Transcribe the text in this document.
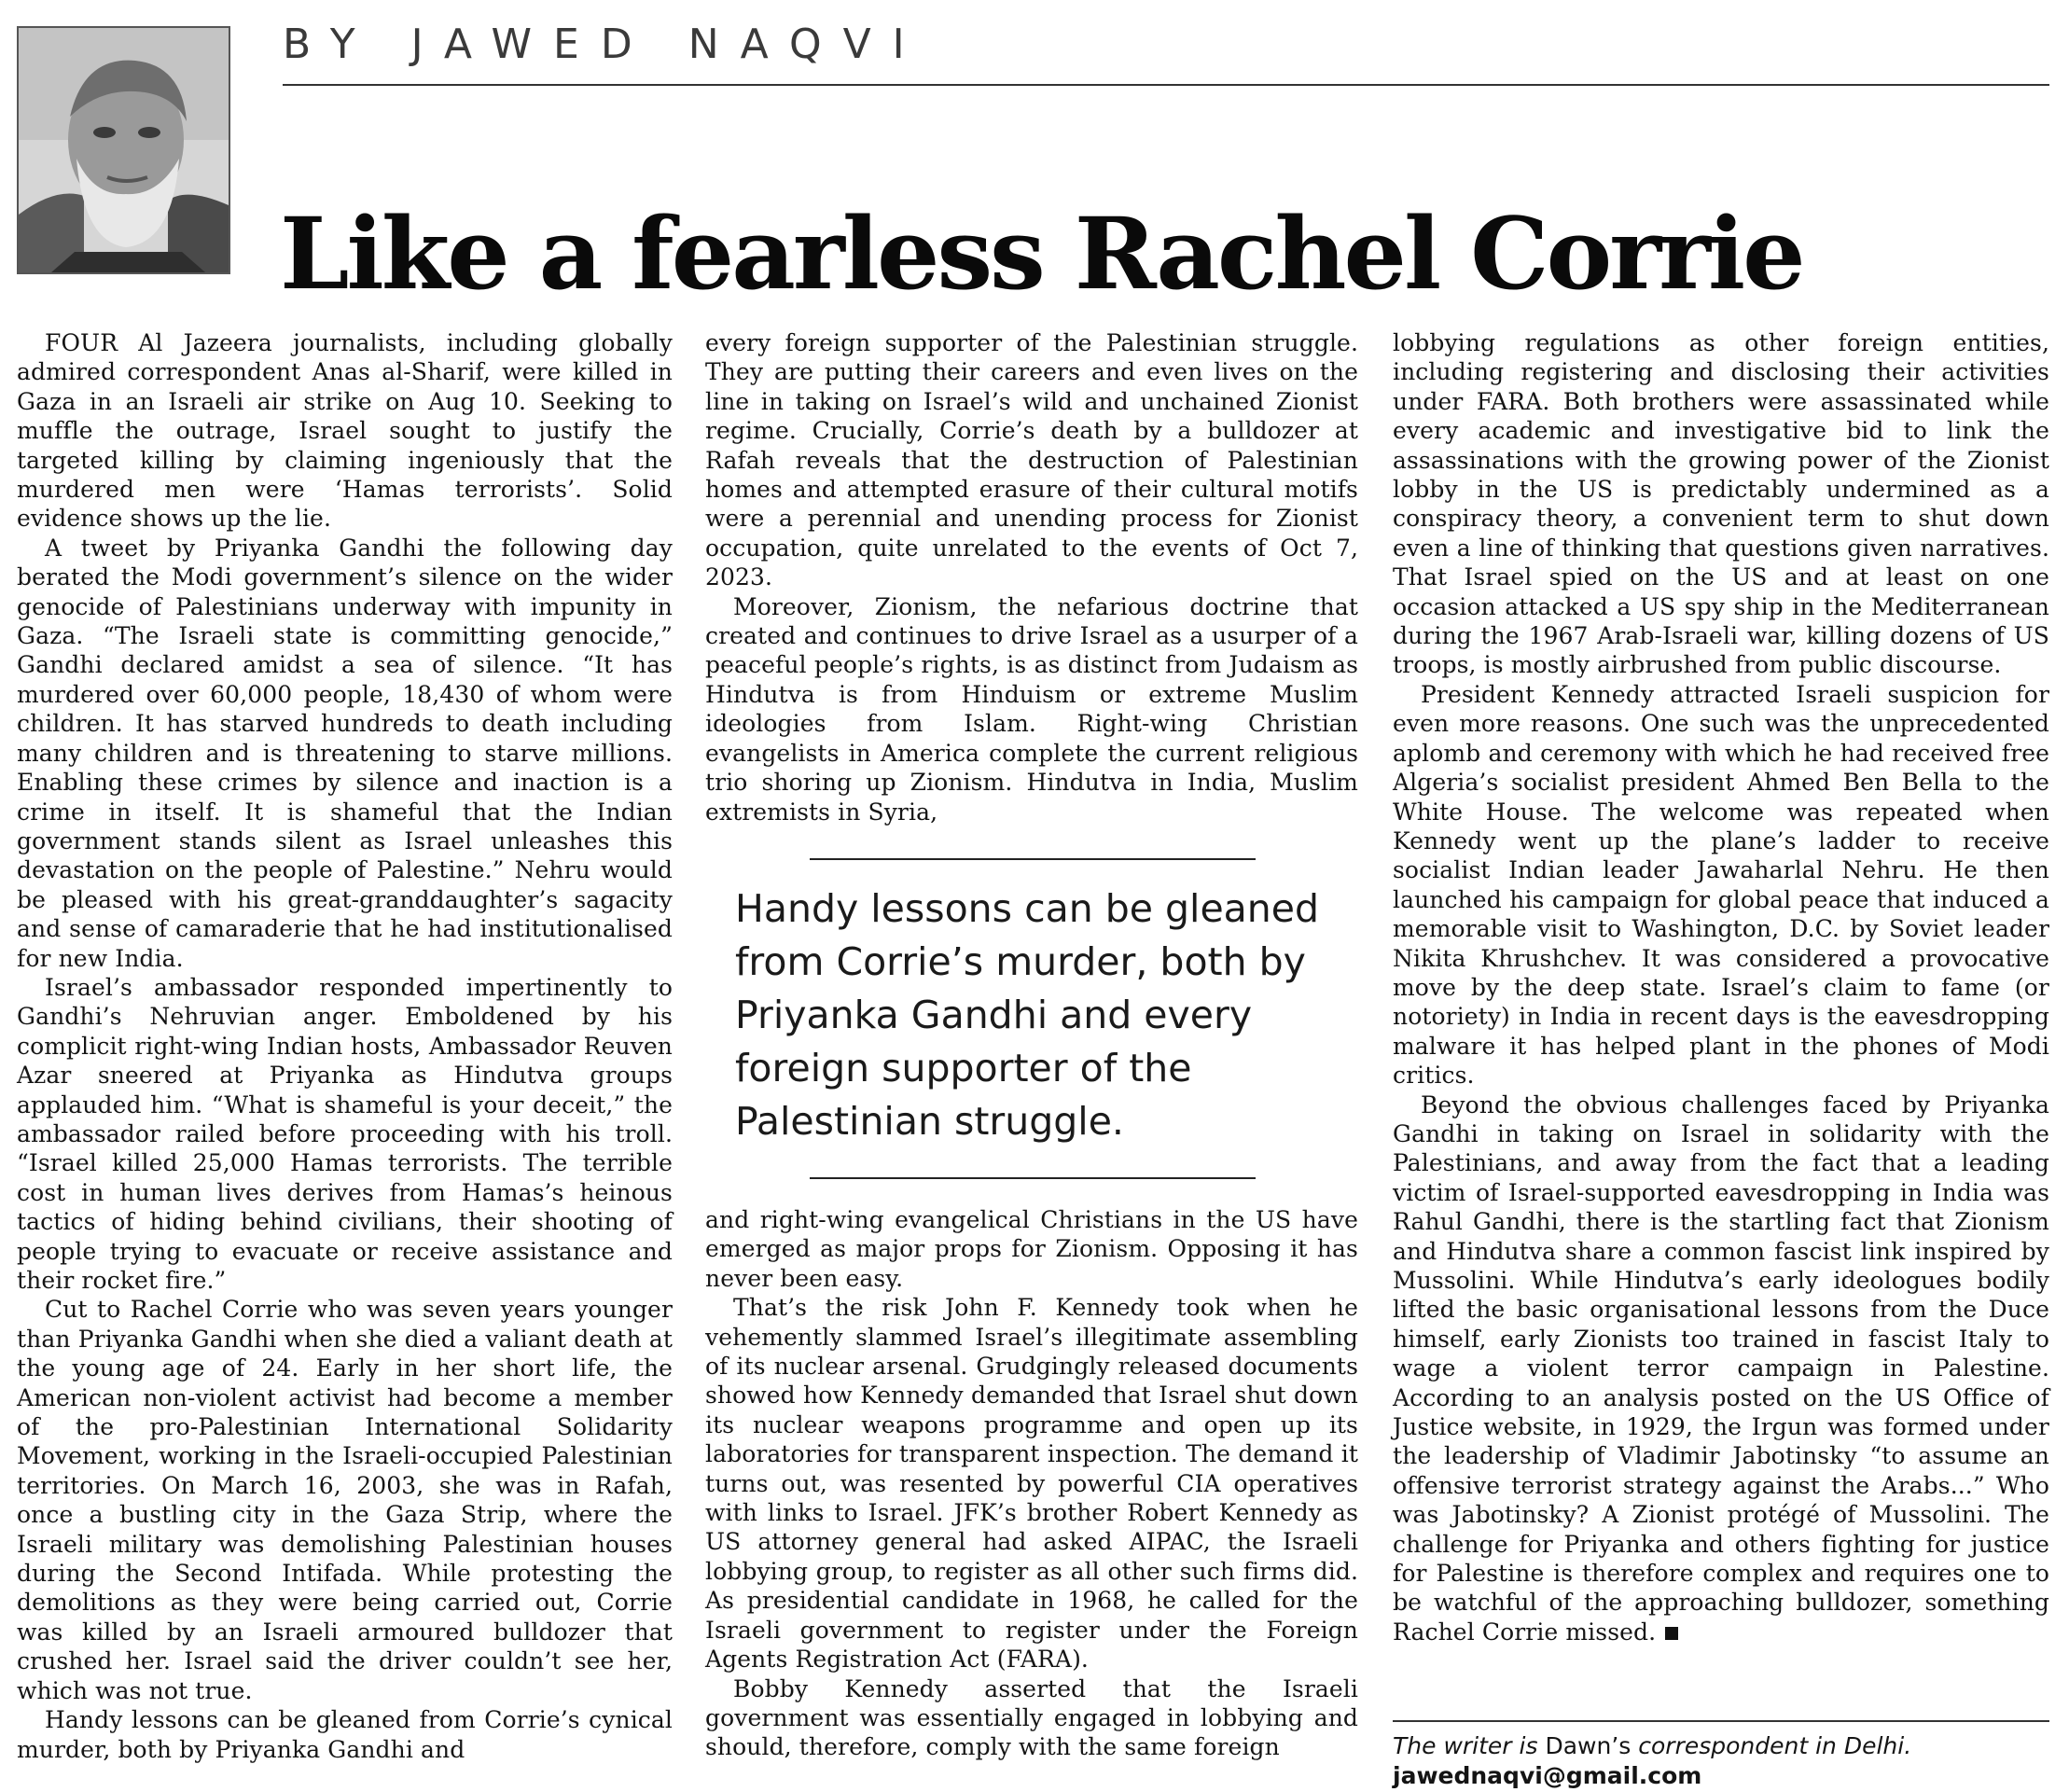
BY JAWED NAQVI
Like a fearless Rachel Corrie

FOUR Al Jazeera journalists, including globally admired correspondent Anas al-Sharif, were killed in Gaza in an Israeli air strike on Aug 10. Seeking to muffle the outrage, Israel sought to justify the targeted killing by claiming ingeniously that the murdered men were ‘Hamas terrorists’. Solid evidence shows up the lie.

A tweet by Priyanka Gandhi the following day berated the Modi government’s silence on the wider genocide of Palestinians underway with impunity in Gaza. “The Israeli state is committing genocide,” Gandhi declared amidst a sea of silence. “It has murdered over 60,000 people, 18,430 of whom were children. It has starved hundreds to death including many children and is threatening to starve millions. Enabling these crimes by silence and inaction is a crime in itself. It is shameful that the Indian government stands silent as Israel unleashes this devastation on the people of Palestine.” Nehru would be pleased with his great-granddaughter’s sagacity and sense of camaraderie that he had institutionalised for new India.

Israel’s ambassador responded impertinently to Gandhi’s Nehruvian anger. Emboldened by his complicit right-wing Indian hosts, Ambassador Reuven Azar sneered at Priyanka as Hindutva groups applauded him. “What is shameful is your deceit,” the ambassador railed before proceeding with his troll. “Israel killed 25,000 Hamas terrorists. The terrible cost in human lives derives from Hamas’s heinous tactics of hiding behind civilians, their shooting of people trying to evacuate or receive assistance and their rocket fire.”

Cut to Rachel Corrie who was seven years younger than Priyanka Gandhi when she died a valiant death at the young age of 24. Early in her short life, the American non-violent activist had become a member of the pro-Palestinian International Solidarity Movement, working in the Israeli-occupied Palestinian territories. On March 16, 2003, she was in Rafah, once a bustling city in the Gaza Strip, where the Israeli military was demolishing Palestinian houses during the Second Intifada. While protesting the demolitions as they were being carried out, Corrie was killed by an Israeli armoured bulldozer that crushed her. Israel said the driver couldn’t see her, which was not true.

Handy lessons can be gleaned from Corrie’s cynical murder, both by Priyanka Gandhi and

every foreign supporter of the Palestinian struggle. They are putting their careers and even lives on the line in taking on Israel’s wild and unchained Zionist regime. Crucially, Corrie’s death by a bulldozer at Rafah reveals that the destruction of Palestinian homes and attempted erasure of their cultural motifs were a perennial and unending process for Zionist occupation, quite unrelated to the events of Oct 7, 2023.

Moreover, Zionism, the nefarious doctrine that created and continues to drive Israel as a usurper of a peaceful people’s rights, is as distinct from Judaism as Hindutva is from Hinduism or extreme Muslim ideologies from Islam. Right-wing Christian evangelists in America complete the current religious trio shoring up Zionism. Hindutva in India, Muslim extremists in Syria,

Handy lessons can be gleaned from Corrie’s murder, both by Priyanka Gandhi and every foreign supporter of the Palestinian struggle.

and right-wing evangelical Christians in the US have emerged as major props for Zionism. Opposing it has never been easy.

That’s the risk John F. Kennedy took when he vehemently slammed Israel’s illegitimate assembling of its nuclear arsenal. Grudgingly released documents showed how Kennedy demanded that Israel shut down its nuclear weapons programme and open up its laboratories for transparent inspection. The demand it turns out, was resented by powerful CIA operatives with links to Israel. JFK’s brother Robert Kennedy as US attorney general had asked AIPAC, the Israeli lobbying group, to register as all other such firms did. As presidential candidate in 1968, he called for the Israeli government to register under the Foreign Agents Registration Act (FARA).

Bobby Kennedy asserted that the Israeli government was essentially engaged in lobbying and should, therefore, comply with the same foreign

lobbying regulations as other foreign entities, including registering and disclosing their activities under FARA. Both brothers were assassinated while every academic and investigative bid to link the assassinations with the growing power of the Zionist lobby in the US is predictably undermined as a conspiracy theory, a convenient term to shut down even a line of thinking that questions given narratives. That Israel spied on the US and at least on one occasion attacked a US spy ship in the Mediterranean during the 1967 Arab-Israeli war, killing dozens of US troops, is mostly airbrushed from public discourse.

President Kennedy attracted Israeli suspicion for even more reasons. One such was the unprecedented aplomb and ceremony with which he had received free Algeria’s socialist president Ahmed Ben Bella to the White House. The welcome was repeated when Kennedy went up the plane’s ladder to receive socialist Indian leader Jawaharlal Nehru. He then launched his campaign for global peace that induced a memorable visit to Washington, D.C. by Soviet leader Nikita Khrushchev. It was considered a provocative move by the deep state. Israel’s claim to fame (or notoriety) in India in recent days is the eavesdropping malware it has helped plant in the phones of Modi critics.

Beyond the obvious challenges faced by Priyanka Gandhi in taking on Israel in solidarity with the Palestinians, and away from the fact that a leading victim of Israel-supported eavesdropping in India was Rahul Gandhi, there is the startling fact that Zionism and Hindutva share a common fascist link inspired by Mussolini. While Hindutva’s early ideologues bodily lifted the basic organisational lessons from the Duce himself, early Zionists too trained in fascist Italy to wage a violent terror campaign in Palestine. According to an analysis posted on the US Office of Justice website, in 1929, the Irgun was formed under the leadership of Vladimir Jabotinsky “to assume an offensive terrorist strategy against the Arabs...” Who was Jabotinsky? A Zionist protégé of Mussolini. The challenge for Priyanka and others fighting for justice for Palestine is therefore complex and requires one to be watchful of the approaching bulldozer, something Rachel Corrie missed.

The writer is Dawn’s correspondent in Delhi.
jawednaqvi@gmail.com
